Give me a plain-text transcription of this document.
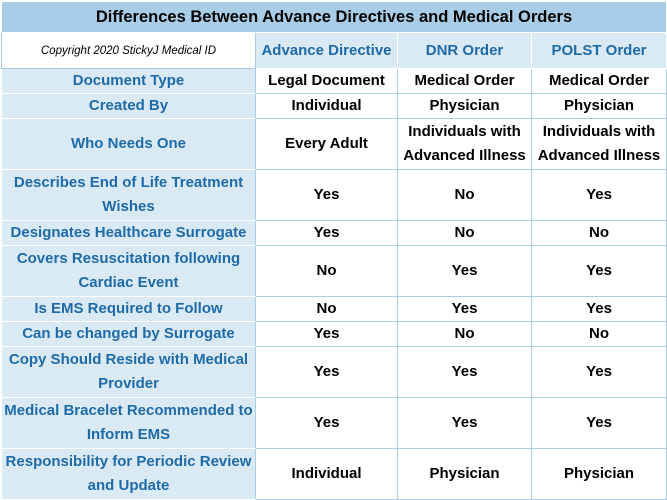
Differences Between Advance Directives and Medical Orders			
Copyright 2020 StickyJ Medical ID	Advance Directive	DNR Order	POLST Order
Document Type	Legal Document	Medical Order	Medical Order
Created By	Individual	Physician	Physician
Who Needs One	Every Adult	Individuals with Advanced Illness	Individuals with Advanced Illness
Describes End of Life Treatment Wishes	Yes	No	Yes
Designates Healthcare Surrogate	Yes	No	No
Covers Resuscitation following Cardiac Event	No	Yes	Yes
Is EMS Required to Follow	No	Yes	Yes
Can be changed by Surrogate	Yes	No	No
Copy Should Reside with Medical Provider	Yes	Yes	Yes
Medical Bracelet Recommended to Inform EMS	Yes	Yes	Yes
Responsibility for Periodic Review and Update	Individual	Physician	Physician
